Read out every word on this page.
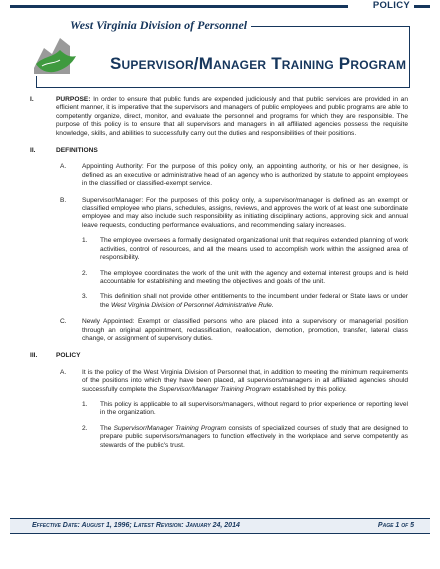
POLICY
West Virginia Division of Personnel
Supervisor/Manager Training Program
I.	PURPOSE: In order to ensure that public funds are expended judiciously and that public services are provided in an efficient manner, it is imperative that the supervisors and managers of public employees and public programs are able to competently organize, direct, monitor, and evaluate the personnel and programs for which they are responsible. The purpose of this policy is to ensure that all supervisors and managers in all affiliated agencies possess the requisite knowledge, skills, and abilities to successfully carry out the duties and responsibilities of their positions.
II.	DEFINITIONS
A. Appointing Authority: For the purpose of this policy only, an appointing authority, or his or her designee, is defined as an executive or administrative head of an agency who is authorized by statute to appoint employees in the classified or classified-exempt service.
B. Supervisor/Manager: For the purposes of this policy only, a supervisor/manager is defined as an exempt or classified employee who plans, schedules, assigns, reviews, and approves the work of at least one subordinate employee and may also include such responsibility as initiating disciplinary actions, approving sick and annual leave requests, conducting performance evaluations, and recommending salary increases.
1. The employee oversees a formally designated organizational unit that requires extended planning of work activities, control of resources, and all the means used to accomplish work within the assigned area of responsibility.
2. The employee coordinates the work of the unit with the agency and external interest groups and is held accountable for establishing and meeting the objectives and goals of the unit.
3. This definition shall not provide other entitlements to the incumbent under federal or State laws or under the West Virginia Division of Personnel Administrative Rule.
C. Newly Appointed: Exempt or classified persons who are placed into a supervisory or managerial position through an original appointment, reclassification, reallocation, demotion, promotion, transfer, lateral class change, or assignment of supervisory duties.
III.	POLICY
A. It is the policy of the West Virginia Division of Personnel that, in addition to meeting the minimum requirements of the positions into which they have been placed, all supervisors/managers in all affiliated agencies should successfully complete the Supervisor/Manager Training Program established by this policy.
1. This policy is applicable to all supervisors/managers, without regard to prior experience or reporting level in the organization.
2. The Supervisor/Manager Training Program consists of specialized courses of study that are designed to prepare public supervisors/managers to function effectively in the workplace and serve competently as stewards of the public's trust.
Effective Date: August 1, 1996; Latest Revision: January 24, 2014	Page 1 of 5
